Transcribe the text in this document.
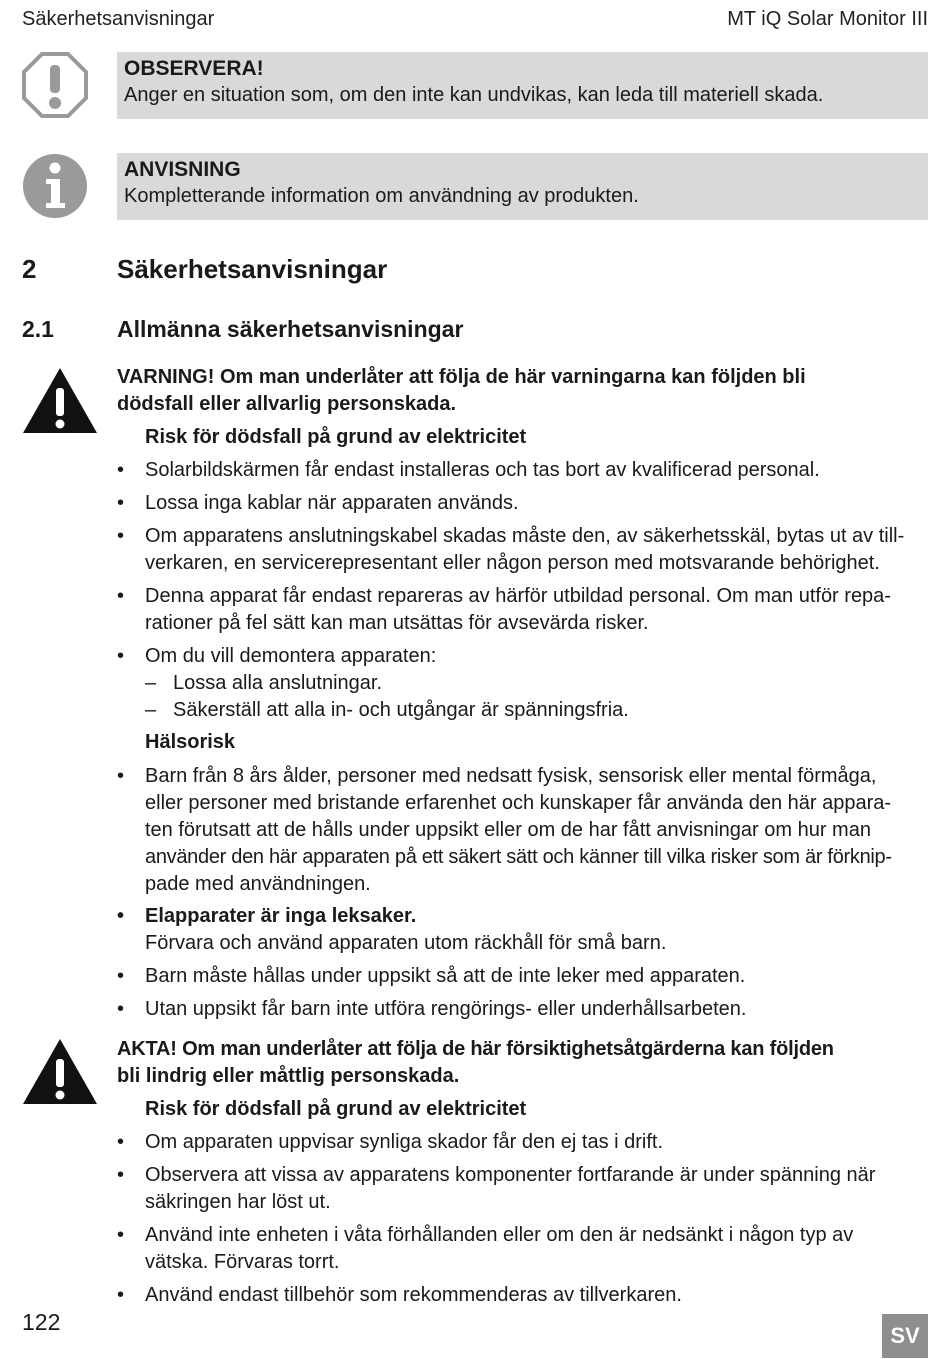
Säkerhetsanvisningar	MT iQ Solar Monitor III
OBSERVERA!
Anger en situation som, om den inte kan undvikas, kan leda till materiell skada.
ANVISNING
Kompletterande information om användning av produkten.
2	Säkerhetsanvisningar
2.1	Allmänna säkerhetsanvisningar
VARNING! Om man underlåter att följa de här varningarna kan följden bli
dödsfall eller allvarlig personskada.
Risk för dödsfall på grund av elektricitet
•	Solarbildskärmen får endast installeras och tas bort av kvalificerad personal.
•	Lossa inga kablar när apparaten används.
•	Om apparatens anslutningskabel skadas måste den, av säkerhetsskäl, bytas ut av till-
verkaren, en servicerepresentant eller någon person med motsvarande behörighet.
•	Denna apparat får endast repareras av härför utbildad personal. Om man utför repa-
rationer på fel sätt kan man utsättas för avsevärda risker.
•	Om du vill demontera apparaten:
– Lossa alla anslutningar.
– Säkerställ att alla in- och utgångar är spänningsfria.
Hälsorisk
•	Barn från 8 års ålder, personer med nedsatt fysisk, sensorisk eller mental förmåga,
eller personer med bristande erfarenhet och kunskaper får använda den här appara-
ten förutsatt att de hålls under uppsikt eller om de har fått anvisningar om hur man
använder den här apparaten på ett säkert sätt och känner till vilka risker som är förknip-
pade med användningen.
•	Elapparater är inga leksaker.
Förvara och använd apparaten utom räckhåll för små barn.
•	Barn måste hållas under uppsikt så att de inte leker med apparaten.
•	Utan uppsikt får barn inte utföra rengörings- eller underhållsarbeten.
AKTA! Om man underlåter att följa de här försiktighetsåtgärderna kan följden
bli lindrig eller måttlig personskada.
Risk för dödsfall på grund av elektricitet
•	Om apparaten uppvisar synliga skador får den ej tas i drift.
•	Observera att vissa av apparatens komponenter fortfarande är under spänning när
säkringen har löst ut.
•	Använd inte enheten i våta förhållanden eller om den är nedsänkt i någon typ av
vätska. Förvaras torrt.
•	Använd endast tillbehör som rekommenderas av tillverkaren.
122
SV
